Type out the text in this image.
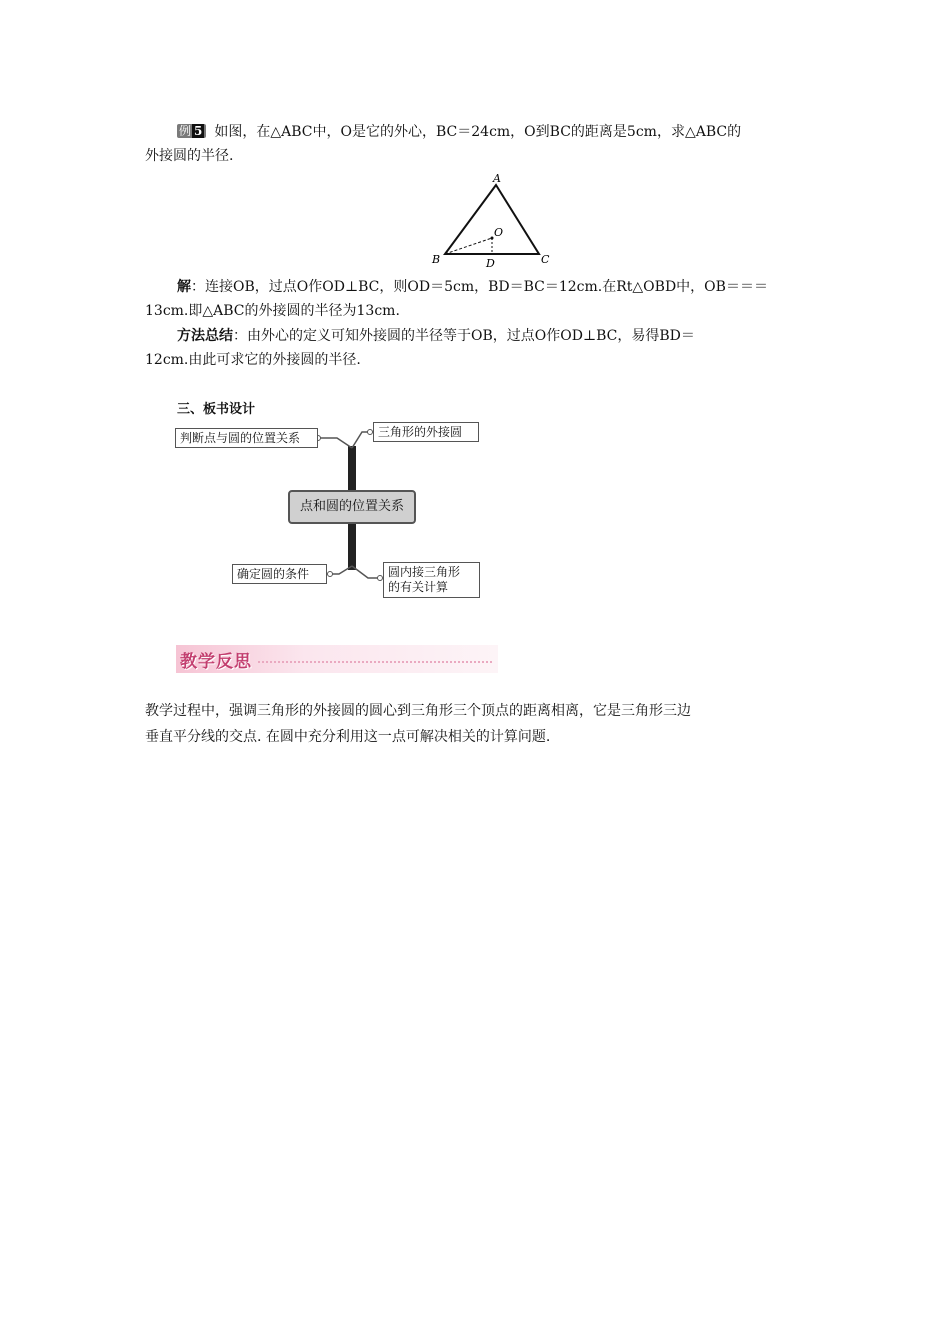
例 5 如图，在△ABC中，O是它的外心，BC＝24cm，O到BC的距离是5cm，求△ABC的
外接圆的半径.

A
B	C
D
O

解：连接OB，过点O作OD⊥BC，则OD＝5cm，BD＝BC＝12cm.在Rt△OBD中，OB＝＝＝
13cm.即△ABC的外接圆的半径为13cm.

方法总结：由外心的定义可知外接圆的半径等于OB，过点O作OD⊥BC，易得BD＝
12cm.由此可求它的外接圆的半径.

三、板书设计

判断点与圆的位置关系	三角形的外接圆
点和圆的位置关系
确定圆的条件	圆内接三角形
的有关计算
教学反思

教学过程中，强调三角形的外接圆的圆心到三角形三个顶点的距离相离，它是三角形三边
垂直平分线的交点. 在圆中充分利用这一点可解决相关的计算问题.
